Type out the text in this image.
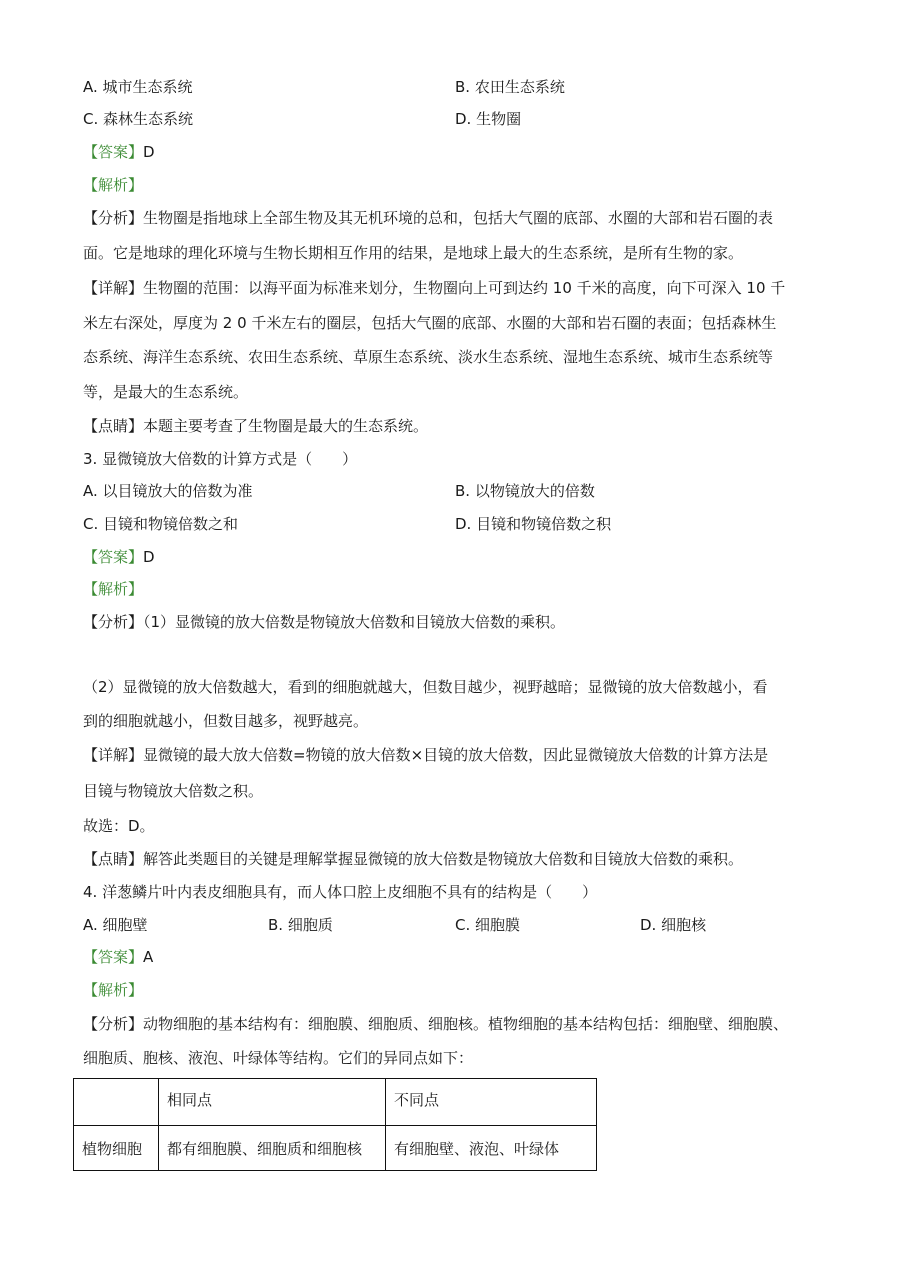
A. 城市生态系统	B. 农田生态系统
C. 森林生态系统	D. 生物圈
【答案】D
【解析】
【分析】生物圈是指地球上全部生物及其无机环境的总和，包括大气圈的底部、水圈的大部和岩石圈的表
面。它是地球的理化环境与生物长期相互作用的结果，是地球上最大的生态系统，是所有生物的家。
【详解】生物圈的范围：以海平面为标准来划分，生物圈向上可到达约 10 千米的高度，向下可深入 10 千
米左右深处，厚度为 2 0 千米左右的圈层，包括大气圈的底部、水圈的大部和岩石圈的表面；包括森林生
态系统、海洋生态系统、农田生态系统、草原生态系统、淡水生态系统、湿地生态系统、城市生态系统等
等，是最大的生态系统。
【点睛】本题主要考查了生物圈是最大的生态系统。
3. 显微镜放大倍数的计算方式是（　　）
A. 以目镜放大的倍数为准	B. 以物镜放大的倍数
C. 目镜和物镜倍数之和	D. 目镜和物镜倍数之积
【答案】D
【解析】
【分析】（1）显微镜的放大倍数是物镜放大倍数和目镜放大倍数的乘积。
（2）显微镜的放大倍数越大，看到的细胞就越大，但数目越少，视野越暗；显微镜的放大倍数越小，看
到的细胞就越小，但数目越多，视野越亮。
【详解】显微镜的最大放大倍数=物镜的放大倍数×目镜的放大倍数，因此显微镜放大倍数的计算方法是
目镜与物镜放大倍数之积。
故选：D。
【点睛】解答此类题目的关键是理解掌握显微镜的放大倍数是物镜放大倍数和目镜放大倍数的乘积。
4. 洋葱鳞片叶内表皮细胞具有，而人体口腔上皮细胞不具有的结构是（　　）
A. 细胞壁	B. 细胞质	C. 细胞膜	D. 细胞核
【答案】A
【解析】
【分析】动物细胞的基本结构有：细胞膜、细胞质、细胞核。植物细胞的基本结构包括：细胞壁、细胞膜、
细胞质、胞核、液泡、叶绿体等结构。它们的异同点如下：
	相同点	不同点
植物细胞	都有细胞膜、细胞质和细胞核	有细胞壁、液泡、叶绿体
